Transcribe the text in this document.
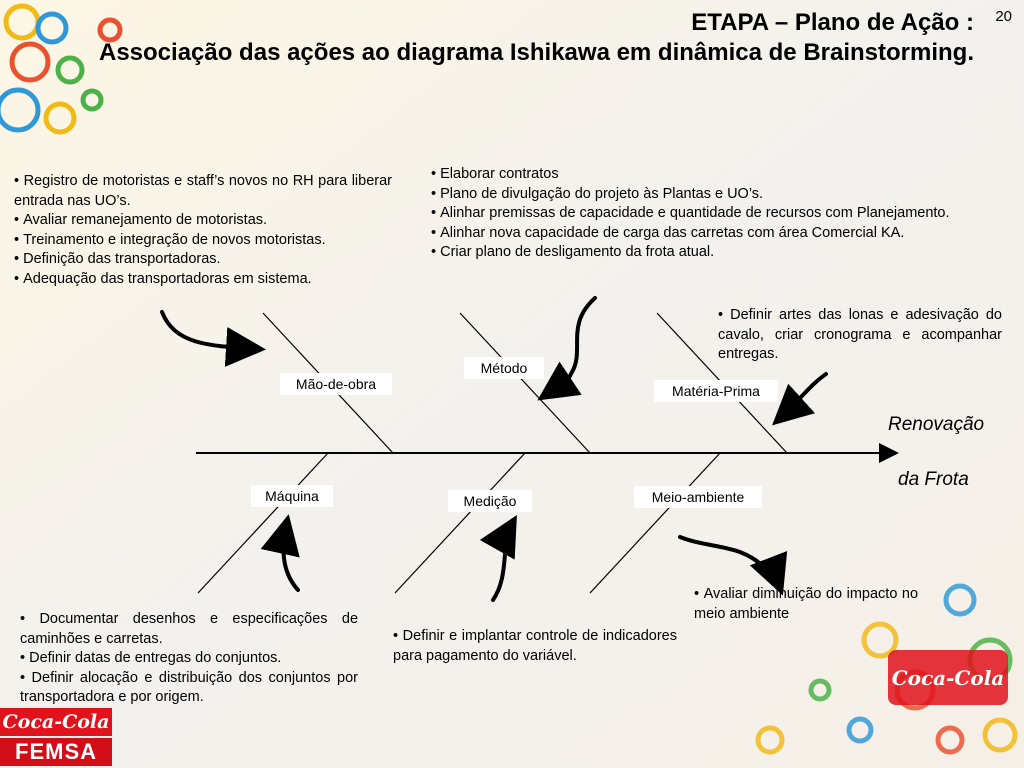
Coca-Cola
20
ETAPA – Plano de Ação :
Associação das ações ao diagrama Ishikawa em dinâmica de Brainstorming.
• Registro de motoristas e staff’s novos no RH para liberar entrada nas UO’s.
• Avaliar remanejamento de motoristas.
• Treinamento e integração de novos motoristas.
• Definição das transportadoras.
• Adequação das transportadoras em sistema.
• Elaborar contratos
• Plano de divulgação do projeto às Plantas e UO’s.
• Alinhar premissas de capacidade e quantidade de recursos com Planejamento.
• Alinhar nova capacidade de carga das carretas com área Comercial KA.
• Criar plano de desligamento da frota atual.
• Definir artes das lonas e adesivação do cavalo, criar cronograma e acompanhar entregas.
• Documentar desenhos e especificações de caminhões e carretas.
• Definir datas de entregas do conjuntos.
• Definir alocação e distribuição dos conjuntos por transportadora e por origem.
• Definir e implantar controle de indicadores para pagamento do variável.
• Avaliar diminuição do impacto no meio ambiente
Mão-de-obra
Método
Matéria-Prima
Máquina	Medição	Meio-ambiente
Renovação
da Frota
Coca-Cola
FEMSA
